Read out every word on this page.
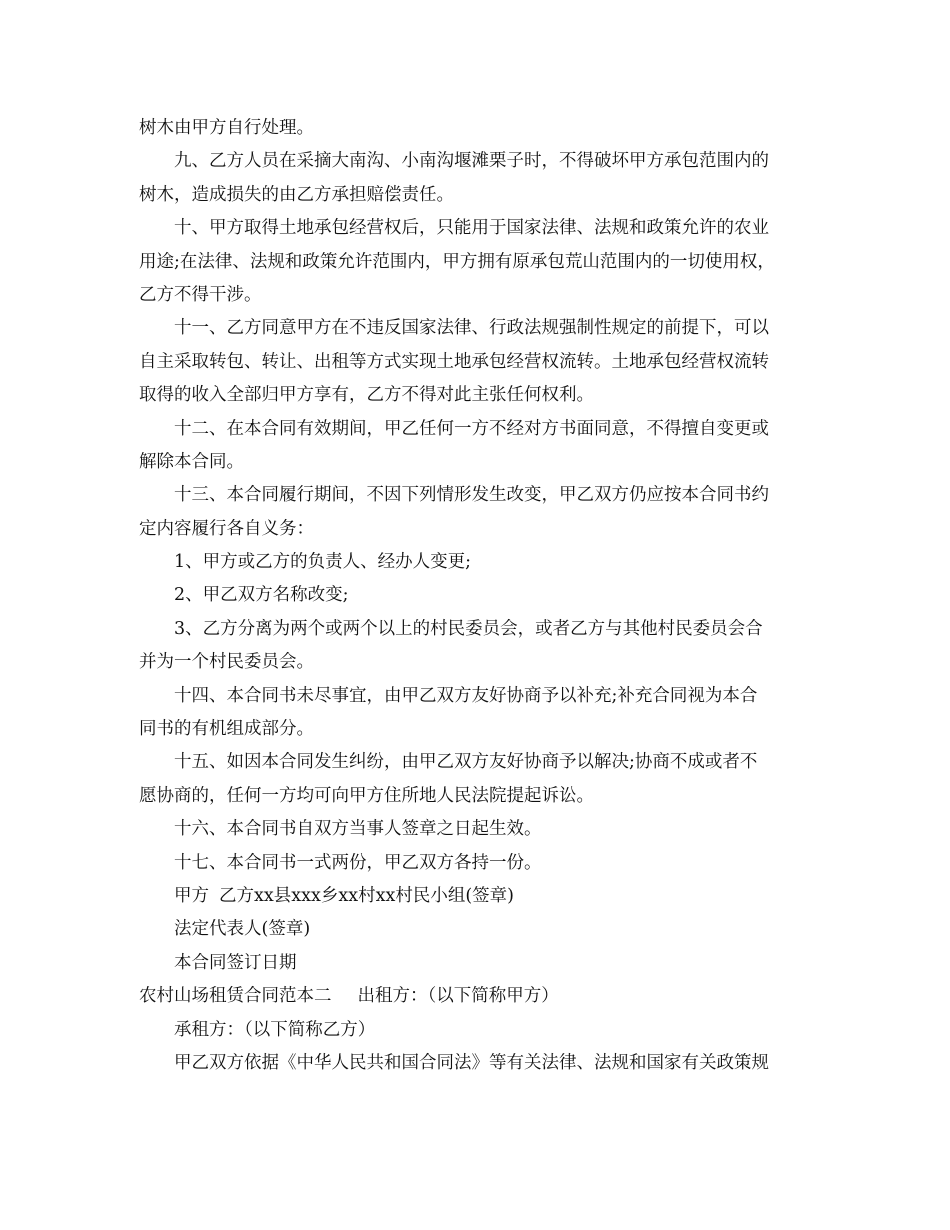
树木由甲方自行处理。
九、乙方人员在采摘大南沟、小南沟堰滩栗子时，不得破坏甲方承包范围内的
树木，造成损失的由乙方承担赔偿责任。
十、甲方取得土地承包经营权后，只能用于国家法律、法规和政策允许的农业
用途;在法律、法规和政策允许范围内，甲方拥有原承包荒山范围内的一切使用权，
乙方不得干涉。
十一、乙方同意甲方在不违反国家法律、行政法规强制性规定的前提下，可以
自主采取转包、转让、出租等方式实现土地承包经营权流转。土地承包经营权流转
取得的收入全部归甲方享有，乙方不得对此主张任何权利。
十二、在本合同有效期间，甲乙任何一方不经对方书面同意，不得擅自变更或
解除本合同。
十三、本合同履行期间，不因下列情形发生改变，甲乙双方仍应按本合同书约
定内容履行各自义务：
1、甲方或乙方的负责人、经办人变更;
2、甲乙双方名称改变;
3、乙方分离为两个或两个以上的村民委员会，或者乙方与其他村民委员会合
并为一个村民委员会。
十四、本合同书未尽事宜，由甲乙双方友好协商予以补充;补充合同视为本合
同书的有机组成部分。
十五、如因本合同发生纠纷，由甲乙双方友好协商予以解决;协商不成或者不
愿协商的，任何一方均可向甲方住所地人民法院提起诉讼。
十六、本合同书自双方当事人签章之日起生效。
十七、本合同书一式两份，甲乙双方各持一份。
甲方 乙方xx县xxx乡xx村xx村民小组(签章)
法定代表人(签章)
本合同签订日期
农村山场租赁合同范本二 出租方：（以下简称甲方）
承租方：（以下简称乙方）
甲乙双方依据《中华人民共和国合同法》等有关法律、法规和国家有关政策规
